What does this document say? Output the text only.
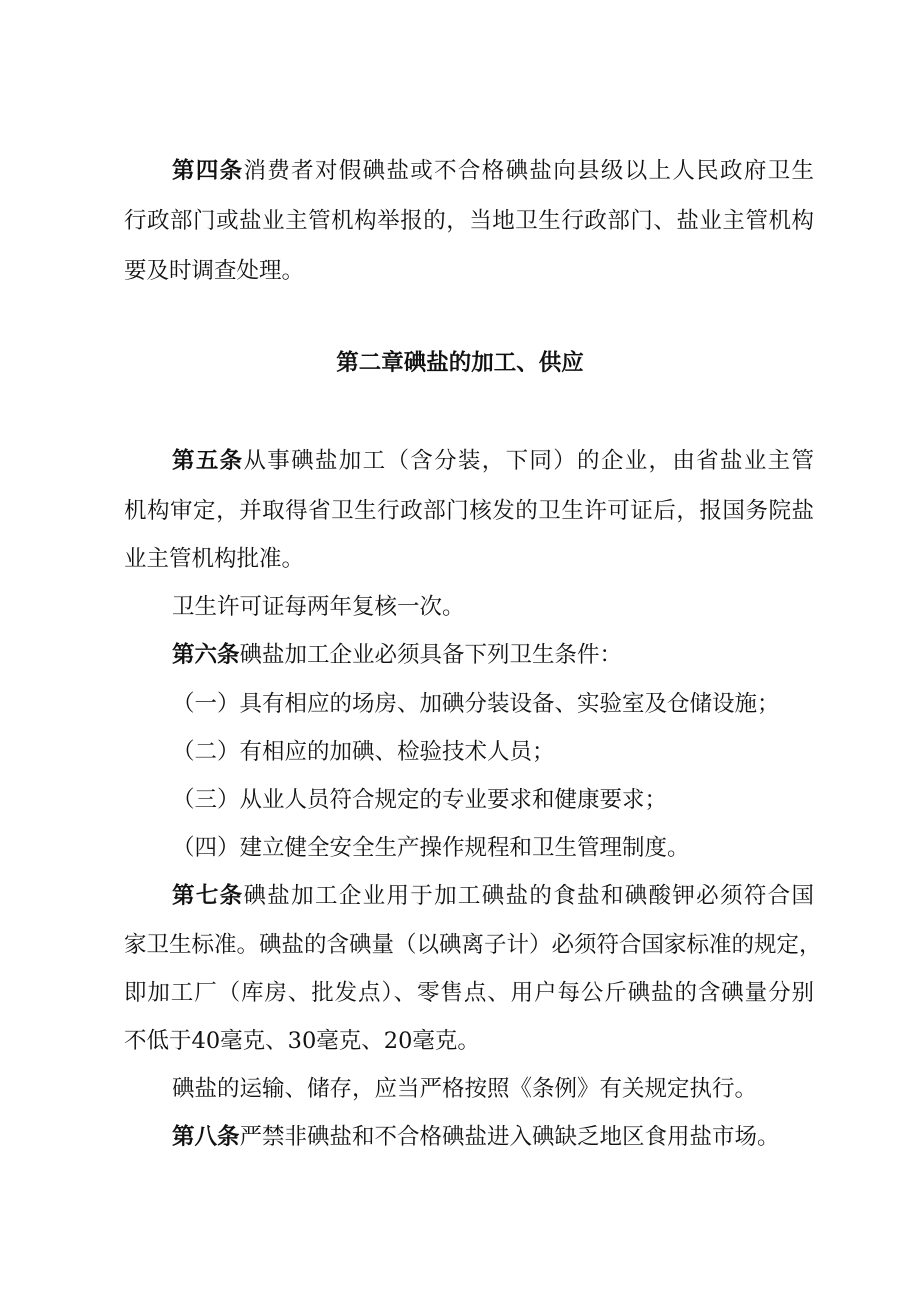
第四条消费者对假碘盐或不合格碘盐向县级以上人民政府卫生
行政部门或盐业主管机构举报的，当地卫生行政部门、盐业主管机构
要及时调查处理。
第二章碘盐的加工、供应
第五条从事碘盐加工（含分装，下同）的企业，由省盐业主管
机构审定，并取得省卫生行政部门核发的卫生许可证后，报国务院盐
业主管机构批准。
卫生许可证每两年复核一次。
第六条碘盐加工企业必须具备下列卫生条件：
（一）具有相应的场房、加碘分装设备、实验室及仓储设施；
（二）有相应的加碘、检验技术人员；
（三）从业人员符合规定的专业要求和健康要求；
（四）建立健全安全生产操作规程和卫生管理制度。
第七条碘盐加工企业用于加工碘盐的食盐和碘酸钾必须符合国
家卫生标准。碘盐的含碘量（以碘离子计）必须符合国家标准的规定，
即加工厂（库房、批发点）、零售点、用户每公斤碘盐的含碘量分别
不低于40毫克、30毫克、20毫克。
碘盐的运输、储存，应当严格按照《条例》有关规定执行。
第八条严禁非碘盐和不合格碘盐进入碘缺乏地区食用盐市场。
